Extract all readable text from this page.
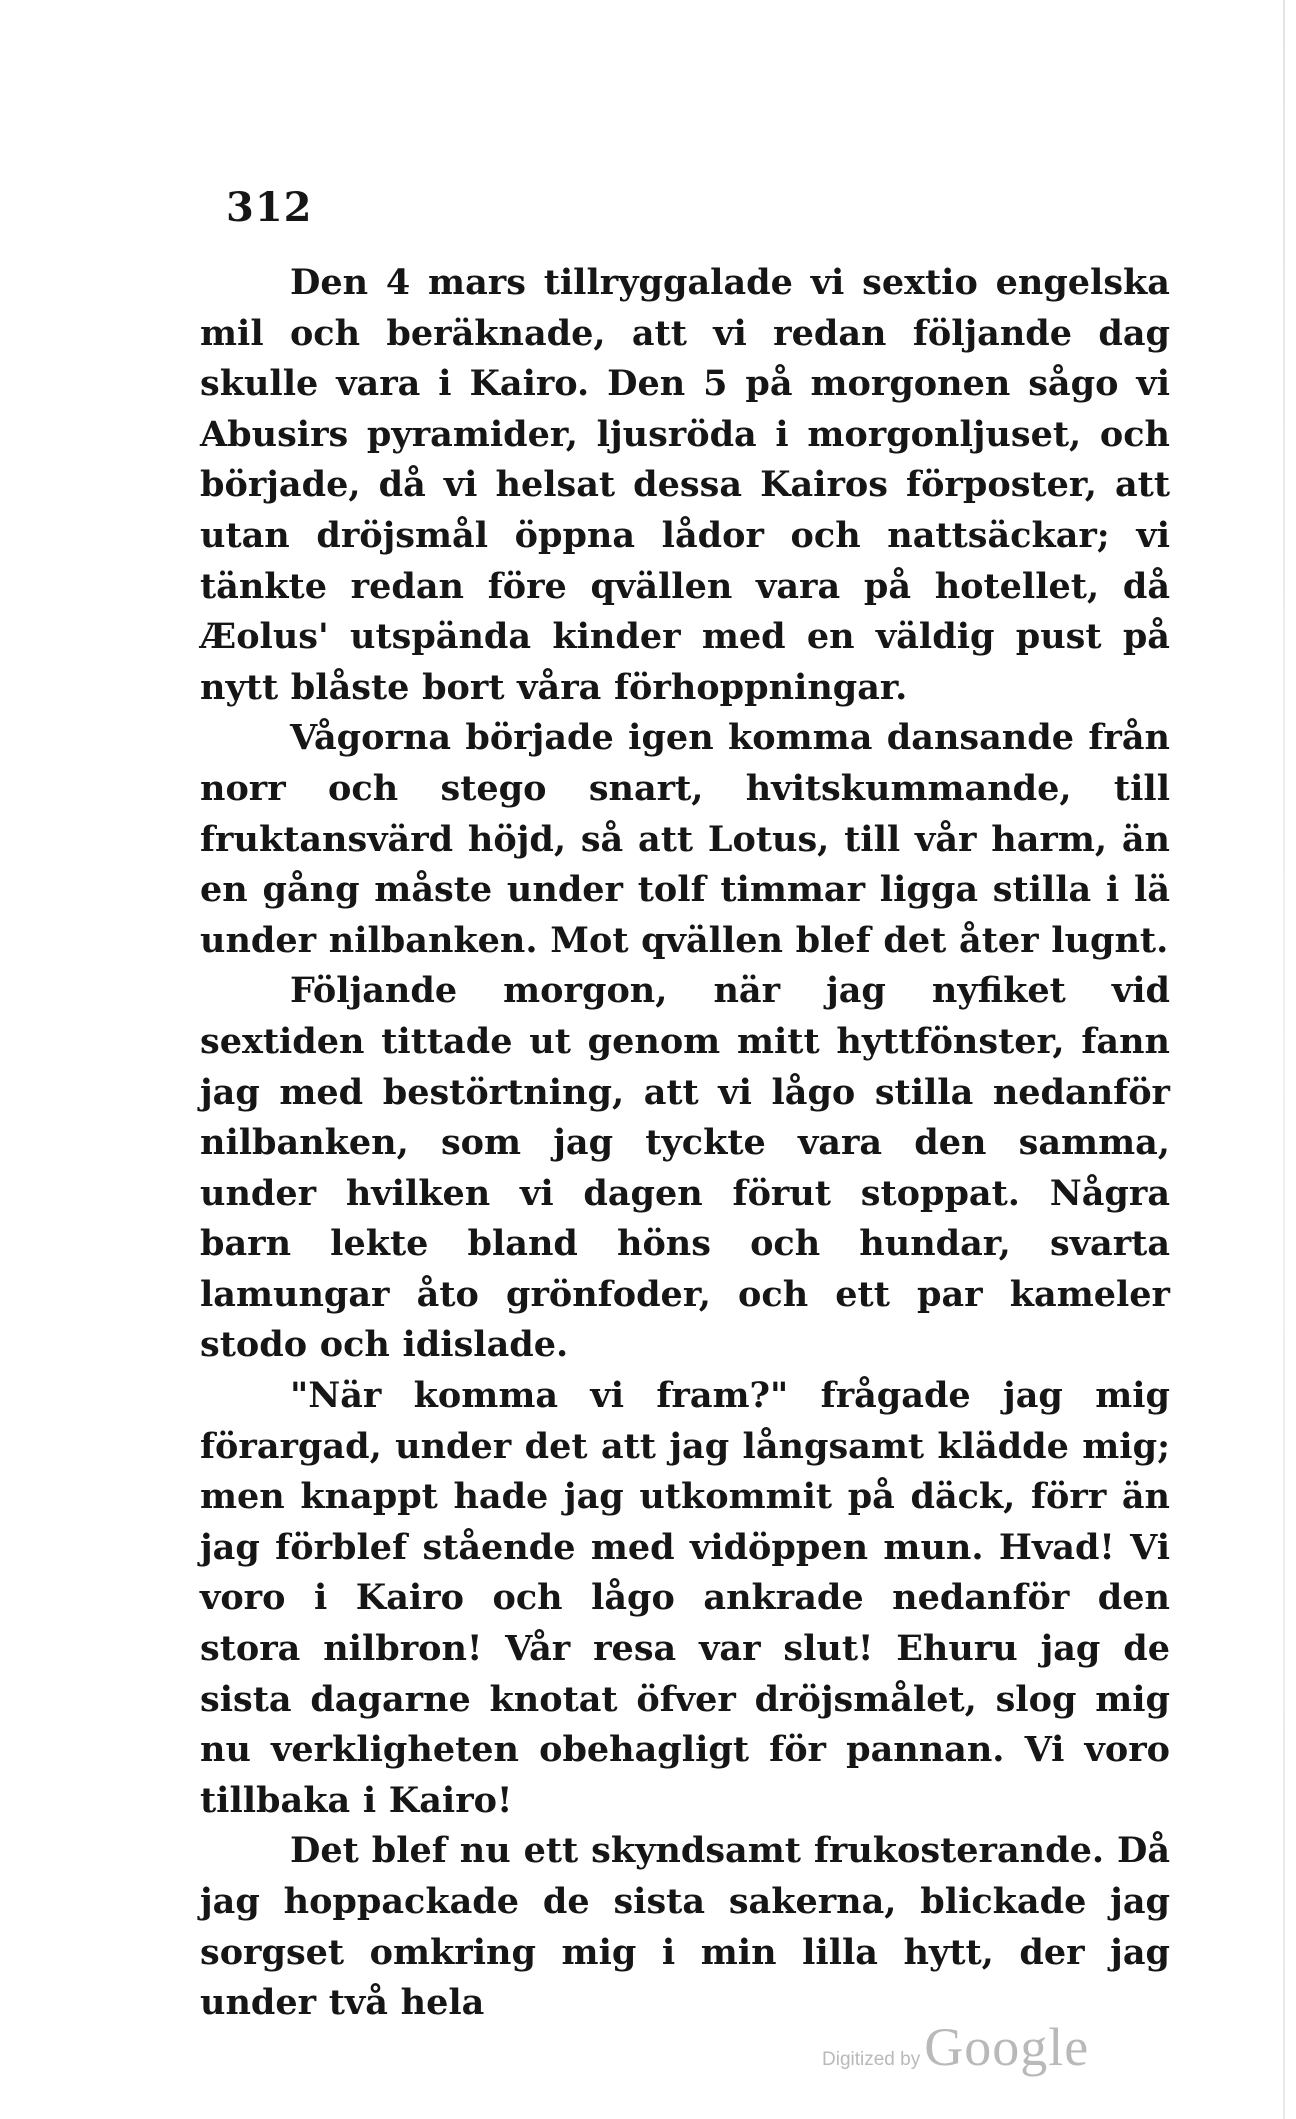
312

Den 4 mars tillryggalade vi sextio engelska mil och beräknade, att vi redan följande dag skulle vara i Kairo. Den 5 på morgonen sågo vi Abusirs pyramider, ljusröda i morgonljuset, och började, då vi helsat dessa Kairos förposter, att utan dröjsmål öppna lådor och nattsäckar; vi tänkte redan före qvällen vara på hotellet, då Æolus' utspända kinder med en väldig pust på nytt blåste bort våra förhoppningar.

Vågorna började igen komma dansande från norr och stego snart, hvitskummande, till fruktansvärd höjd, så att Lotus, till vår harm, än en gång måste under tolf timmar ligga stilla i lä under nilbanken. Mot qvällen blef det åter lugnt.

Följande morgon, när jag nyfiket vid sextiden tittade ut genom mitt hyttfönster, fann jag med bestörtning, att vi lågo stilla nedanför nilbanken, som jag tyckte vara den samma, under hvilken vi dagen förut stoppat. Några barn lekte bland höns och hundar, svarta lamungar åto grönfoder, och ett par kameler stodo och idislade.

"När komma vi fram?" frågade jag mig förargad, under det att jag långsamt klädde mig; men knappt hade jag utkommit på däck, förr än jag förblef stående med vidöppen mun. Hvad! Vi voro i Kairo och lågo ankrade nedanför den stora nilbron! Vår resa var slut! Ehuru jag de sista dagarne knotat öfver dröjsmålet, slog mig nu verkligheten obehagligt för pannan. Vi voro tillbaka i Kairo!

Det blef nu ett skyndsamt frukosterande. Då jag hoppackade de sista sakerna, blickade jag sorgset omkring mig i min lilla hytt, der jag under två hela

Digitized by Google
